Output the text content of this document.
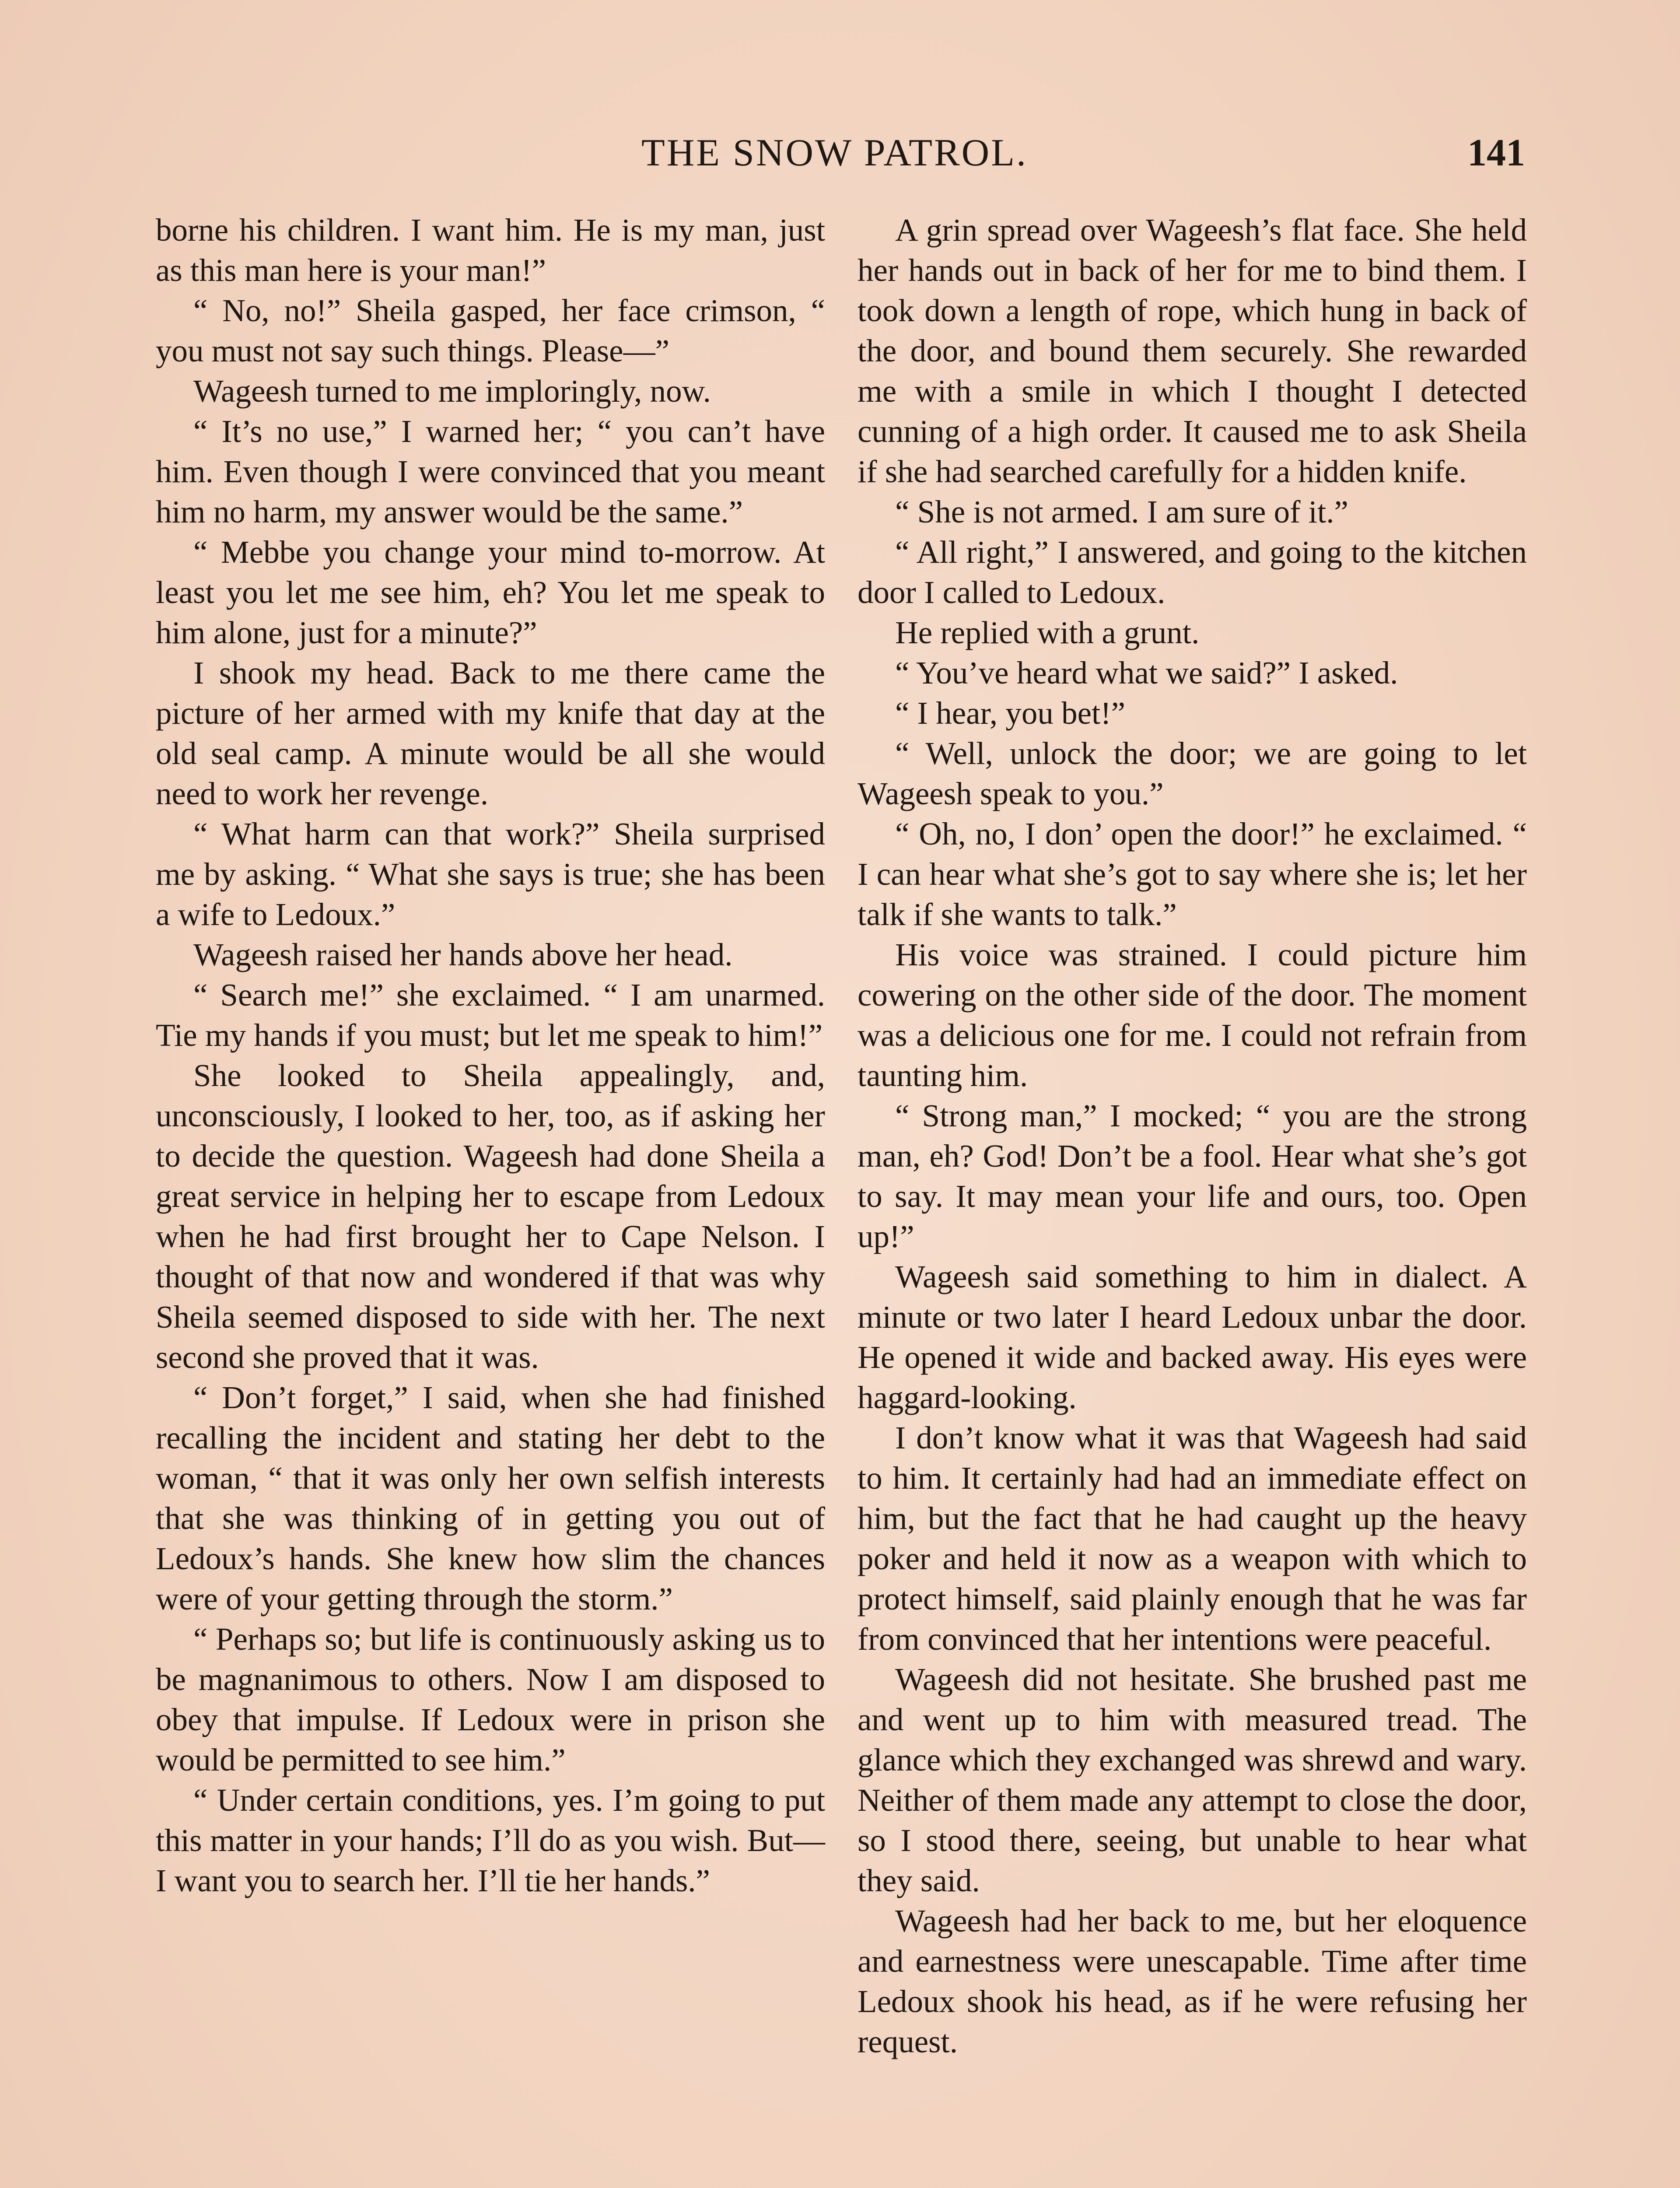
THE SNOW PATROL.	141

borne his children. I want him. He is my man, just as this man here is your man!”

“ No, no!” Sheila gasped, her face crimson, “ you must not say such things. Please—”

Wageesh turned to me imploringly, now.

“ It’s no use,” I warned her; “ you can’t have him. Even though I were convinced that you meant him no harm, my answer would be the same.”

“ Mebbe you change your mind to-morrow. At least you let me see him, eh? You let me speak to him alone, just for a minute?”

I shook my head. Back to me there came the picture of her armed with my knife that day at the old seal camp. A minute would be all she would need to work her revenge.

“ What harm can that work?” Sheila surprised me by asking. “ What she says is true; she has been a wife to Ledoux.”

Wageesh raised her hands above her head.

“ Search me!” she exclaimed. “ I am unarmed. Tie my hands if you must; but let me speak to him!”

She looked to Sheila appealingly, and, unconsciously, I looked to her, too, as if asking her to decide the question. Wageesh had done Sheila a great service in helping her to escape from Ledoux when he had first brought her to Cape Nelson. I thought of that now and wondered if that was why Sheila seemed disposed to side with her. The next second she proved that it was.

“ Don’t forget,” I said, when she had finished recalling the incident and stating her debt to the woman, “ that it was only her own selfish interests that she was thinking of in getting you out of Ledoux’s hands. She knew how slim the chances were of your getting through the storm.”

“ Perhaps so; but life is continuously asking us to be magnanimous to others. Now I am disposed to obey that impulse. If Ledoux were in prison she would be permitted to see him.”

“ Under certain conditions, yes. I’m going to put this matter in your hands; I’ll do as you wish. But—I want you to search her. I’ll tie her hands.”

A grin spread over Wageesh’s flat face. She held her hands out in back of her for me to bind them. I took down a length of rope, which hung in back of the door, and bound them securely. She rewarded me with a smile in which I thought I detected cunning of a high order. It caused me to ask Sheila if she had searched carefully for a hidden knife.

“ She is not armed. I am sure of it.”

“ All right,” I answered, and going to the kitchen door I called to Ledoux.

He replied with a grunt.

“ You’ve heard what we said?” I asked.

“ I hear, you bet!”

“ Well, unlock the door; we are going to let Wageesh speak to you.”

“ Oh, no, I don’ open the door!” he exclaimed. “ I can hear what she’s got to say where she is; let her talk if she wants to talk.”

His voice was strained. I could picture him cowering on the other side of the door. The moment was a delicious one for me. I could not refrain from taunting him.

“ Strong man,” I mocked; “ you are the strong man, eh? God! Don’t be a fool. Hear what she’s got to say. It may mean your life and ours, too. Open up!”

Wageesh said something to him in dialect. A minute or two later I heard Ledoux unbar the door. He opened it wide and backed away. His eyes were haggard-looking.

I don’t know what it was that Wageesh had said to him. It certainly had had an immediate effect on him, but the fact that he had caught up the heavy poker and held it now as a weapon with which to protect himself, said plainly enough that he was far from convinced that her intentions were peaceful.

Wageesh did not hesitate. She brushed past me and went up to him with measured tread. The glance which they exchanged was shrewd and wary. Neither of them made any attempt to close the door, so I stood there, seeing, but unable to hear what they said.

Wageesh had her back to me, but her eloquence and earnestness were unescapable. Time after time Ledoux shook his head, as if he were refusing her request.
